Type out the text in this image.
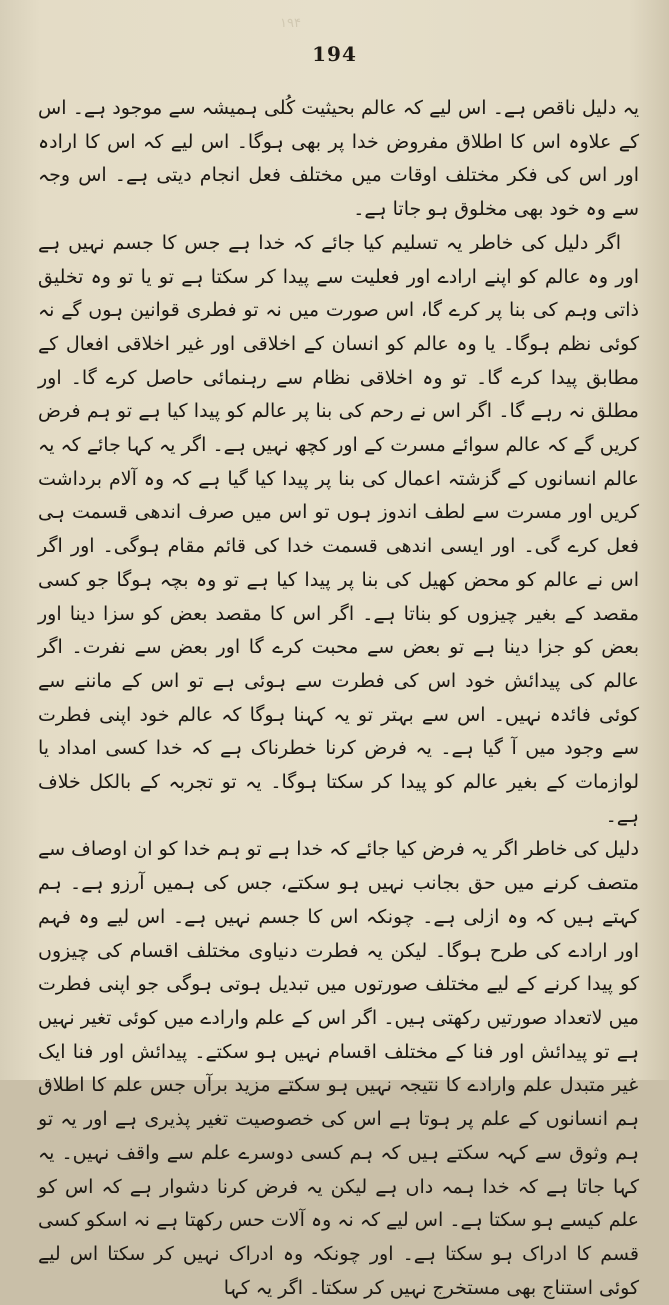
۱۹۴
194

یہ دلیل ناقص ہے۔ اس لیے کہ عالم بحیثیت کُلی ہمیشہ سے موجود ہے۔ اس کے علاوہ اس کا اطلاق مفروض خدا پر بھی ہوگا۔ اس لیے کہ اس کا ارادہ اور اس کی فکر مختلف اوقات میں مختلف فعل انجام دیتی ہے۔ اس وجہ سے وہ خود بھی مخلوق ہو جاتا ہے۔

اگر دلیل کی خاطر یہ تسلیم کیا جائے کہ خدا ہے جس کا جسم نہیں ہے اور وہ عالم کو اپنے ارادے اور فعلیت سے پیدا کر سکتا ہے تو یا تو وہ تخلیق ذاتی وہم کی بنا پر کرے گا، اس صورت میں نہ تو فطری قوانین ہوں گے نہ کوئی نظم ہوگا۔ یا وہ عالم کو انسان کے اخلاقی اور غیر اخلاقی افعال کے مطابق پیدا کرے گا۔ تو وہ اخلاقی نظام سے رہنمائی حاصل کرے گا۔ اور مطلق نہ رہے گا۔ اگر اس نے رحم کی بنا پر عالم کو پیدا کیا ہے تو ہم فرض کریں گے کہ عالم سوائے مسرت کے اور کچھ نہیں ہے۔ اگر یہ کہا جائے کہ یہ عالم انسانوں کے گزشتہ اعمال کی بنا پر پیدا کیا گیا ہے کہ وہ آلام برداشت کریں اور مسرت سے لطف اندوز ہوں تو اس میں صرف اندھی قسمت ہی فعل کرے گی۔ اور ایسی اندھی قسمت خدا کی قائم مقام ہوگی۔ اور اگر اس نے عالم کو محض کھیل کی بنا پر پیدا کیا ہے تو وہ بچہ ہوگا جو کسی مقصد کے بغیر چیزوں کو بناتا ہے۔ اگر اس کا مقصد بعض کو سزا دینا اور بعض کو جزا دینا ہے تو بعض سے محبت کرے گا اور بعض سے نفرت۔ اگر عالم کی پیدائش خود اس کی فطرت سے ہوئی ہے تو اس کے ماننے سے کوئی فائدہ نہیں۔ اس سے بہتر تو یہ کہنا ہوگا کہ عالم خود اپنی فطرت سے وجود میں آ گیا ہے۔ یہ فرض کرنا خطرناک ہے کہ خدا کسی امداد یا لوازمات کے بغیر عالم کو پیدا کر سکتا ہوگا۔ یہ تو تجربہ کے بالکل خلاف ہے۔

دلیل کی خاطر اگر یہ فرض کیا جائے کہ خدا ہے تو ہم خدا کو ان اوصاف سے متصف کرنے میں حق بجانب نہیں ہو سکتے، جس کی ہمیں آرزو ہے۔ ہم کہتے ہیں کہ وہ ازلی ہے۔ چونکہ اس کا جسم نہیں ہے۔ اس لیے وہ فہم اور ارادے کی طرح ہوگا۔ لیکن یہ فطرت دنیاوی مختلف اقسام کی چیزوں کو پیدا کرنے کے لیے مختلف صورتوں میں تبدیل ہوتی ہوگی جو اپنی فطرت میں لاتعداد صورتیں رکھتی ہیں۔ اگر اس کے علم وارادے میں کوئی تغیر نہیں ہے تو پیدائش اور فنا کے مختلف اقسام نہیں ہو سکتے۔ پیدائش اور فنا ایک غیر متبدل علم وارادے کا نتیجہ نہیں ہو سکتے مزید برآں جس علم کا اطلاق ہم انسانوں کے علم پر ہوتا ہے اس کی خصوصیت تغیر پذیری ہے اور یہ تو ہم وثوق سے کہہ سکتے ہیں کہ ہم کسی دوسرے علم سے واقف نہیں۔ یہ کہا جاتا ہے کہ خدا ہمہ داں ہے لیکن یہ فرض کرنا دشوار ہے کہ اس کو علم کیسے ہو سکتا ہے۔ اس لیے کہ نہ وہ آلات حس رکھتا ہے نہ اسکو کسی قسم کا ادراک ہو سکتا ہے۔ اور چونکہ وہ ادراک نہیں کر سکتا اس لیے کوئی استناج بھی مستخرج نہیں کر سکتا۔ اگر یہ کہا
